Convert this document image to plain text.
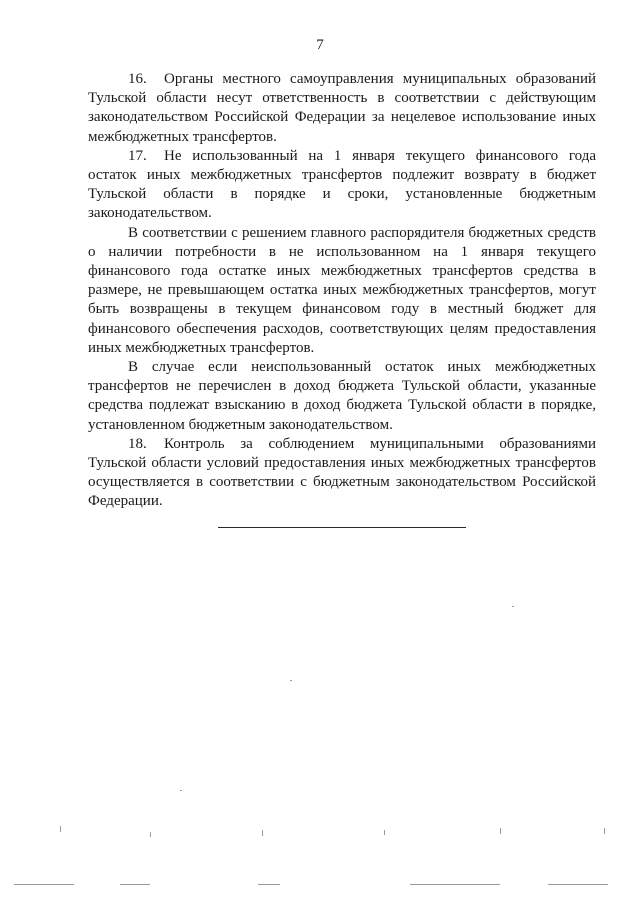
7

16. Органы местного самоуправления муниципальных образований Тульской области несут ответственность в соответствии с действующим законодательством Российской Федерации за нецелевое использование иных межбюджетных трансфертов.

17. Не использованный на 1 января текущего финансового года остаток иных межбюджетных трансфертов подлежит возврату в бюджет Тульской области в порядке и сроки, установленные бюджетным законодательством.

В соответствии с решением главного распорядителя бюджетных средств о наличии потребности в не использованном на 1 января текущего финансового года остатке иных межбюджетных трансфертов средства в размере, не превышающем остатка иных межбюджетных трансфертов, могут быть возвращены в текущем финансовом году в местный бюджет для финансового обеспечения расходов, соответствующих целям предоставления иных межбюджетных трансфертов.

В случае если неиспользованный остаток иных межбюджетных трансфертов не перечислен в доход бюджета Тульской области, указанные средства подлежат взысканию в доход бюджета Тульской области в порядке, установленном бюджетным законодательством.

18. Контроль за соблюдением муниципальными образованиями Тульской области условий предоставления иных межбюджетных трансфертов осуществляется в соответствии с бюджетным законодательством Российской Федерации.
